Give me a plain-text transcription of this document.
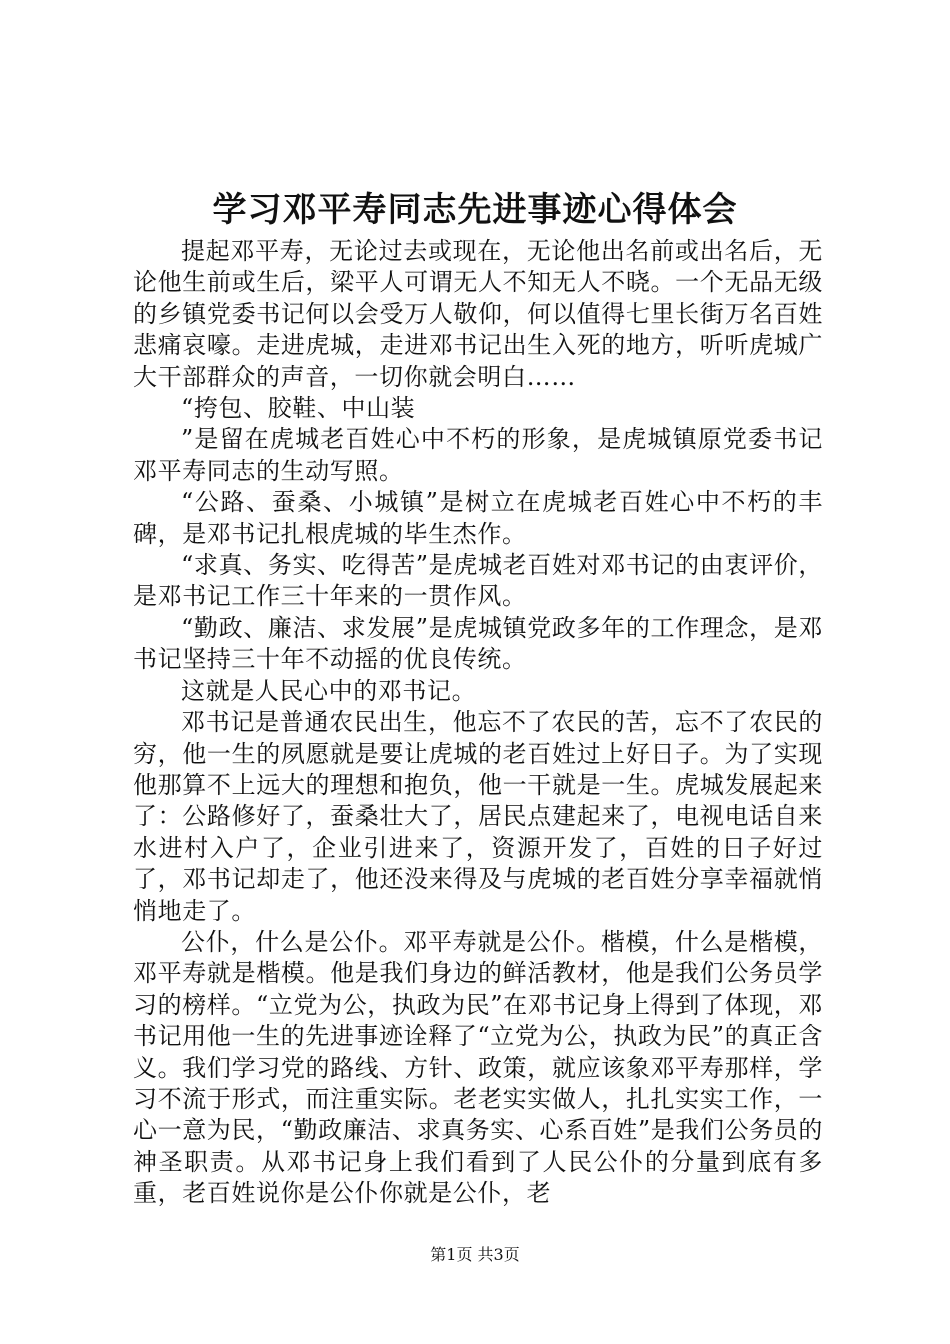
学习邓平寿同志先进事迹心得体会

提起邓平寿，无论过去或现在，无论他出名前或出名后，无论他生前或生后，梁平人可谓无人不知无人不晓。一个无品无级的乡镇党委书记何以会受万人敬仰，何以值得七里长街万名百姓悲痛哀嚎。走进虎城，走进邓书记出生入死的地方，听听虎城广大干部群众的声音，一切你就会明白……

“挎包、胶鞋、中山装

”是留在虎城老百姓心中不朽的形象，是虎城镇原党委书记邓平寿同志的生动写照。

“公路、蚕桑、小城镇”是树立在虎城老百姓心中不朽的丰碑，是邓书记扎根虎城的毕生杰作。

“求真、务实、吃得苦”是虎城老百姓对邓书记的由衷评价，是邓书记工作三十年来的一贯作风。

“勤政、廉洁、求发展”是虎城镇党政多年的工作理念，是邓书记坚持三十年不动摇的优良传统。

这就是人民心中的邓书记。

邓书记是普通农民出生，他忘不了农民的苦，忘不了农民的穷，他一生的夙愿就是要让虎城的老百姓过上好日子。为了实现他那算不上远大的理想和抱负，他一干就是一生。虎城发展起来了：公路修好了，蚕桑壮大了，居民点建起来了，电视电话自来水进村入户了，企业引进来了，资源开发了，百姓的日子好过了，邓书记却走了，他还没来得及与虎城的老百姓分享幸福就悄悄地走了。

公仆，什么是公仆。邓平寿就是公仆。楷模，什么是楷模，邓平寿就是楷模。他是我们身边的鲜活教材，他是我们公务员学习的榜样。“立党为公，执政为民”在邓书记身上得到了体现，邓书记用他一生的先进事迹诠释了“立党为公，执政为民”的真正含义。我们学习党的路线、方针、政策，就应该象邓平寿那样，学习不流于形式，而注重实际。老老实实做人，扎扎实实工作，一心一意为民，“勤政廉洁、求真务实、心系百姓”是我们公务员的神圣职责。从邓书记身上我们看到了人民公仆的分量到底有多重，老百姓说你是公仆你就是公仆，老

第1页 共3页
